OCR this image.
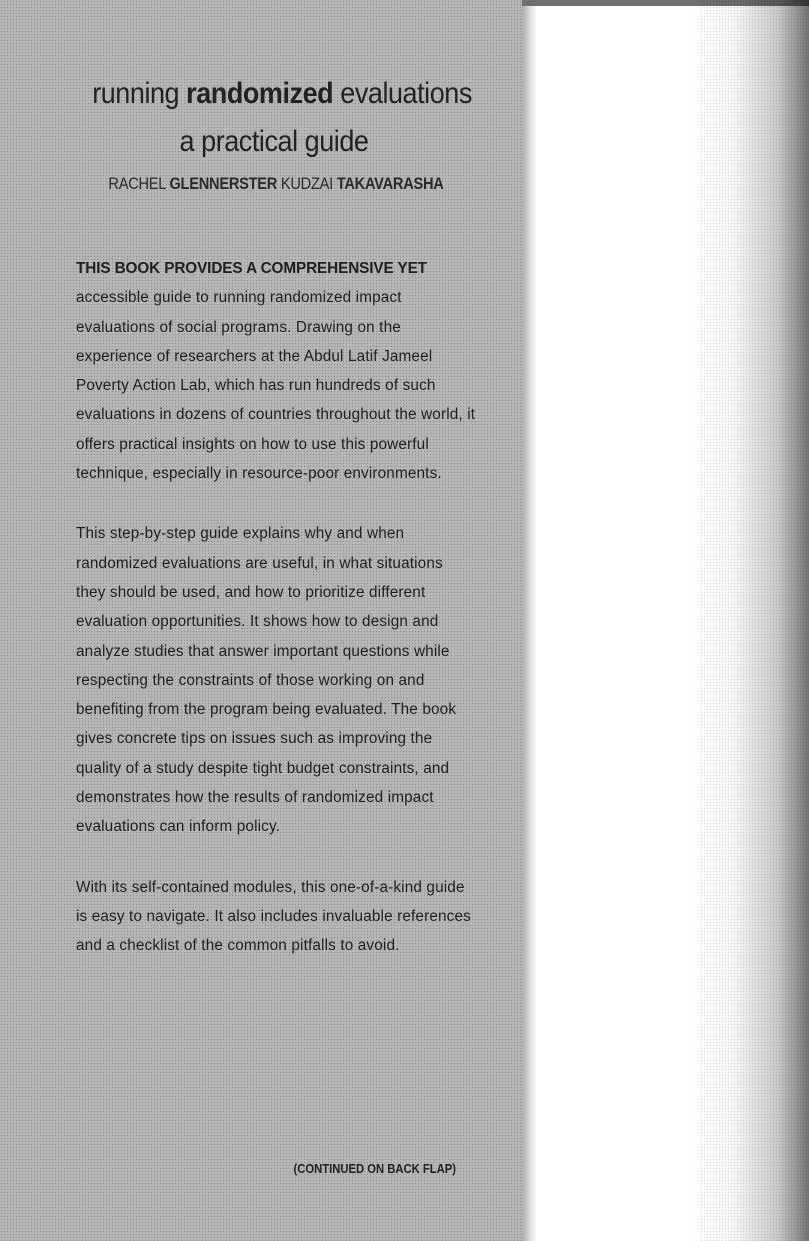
running randomized evaluations
a practical guide
RACHEL GLENNERSTER KUDZAI TAKAVARASHA

THIS BOOK PROVIDES A COMPREHENSIVE YET accessible guide to running randomized impact evaluations of social programs. Drawing on the experience of researchers at the Abdul Latif Jameel Poverty Action Lab, which has run hundreds of such evaluations in dozens of countries throughout the world, it offers practical insights on how to use this powerful technique, especially in resource-poor environments.

This step-by-step guide explains why and when randomized evaluations are useful, in what situations they should be used, and how to prioritize different evaluation opportunities. It shows how to design and analyze studies that answer important questions while respecting the constraints of those working on and benefiting from the program being evaluated. The book gives concrete tips on issues such as improving the quality of a study despite tight budget constraints, and demonstrates how the results of randomized impact evaluations can inform policy.

With its self-contained modules, this one-of-a-kind guide is easy to navigate. It also includes invaluable references and a checklist of the common pitfalls to avoid.

(CONTINUED ON BACK FLAP)
